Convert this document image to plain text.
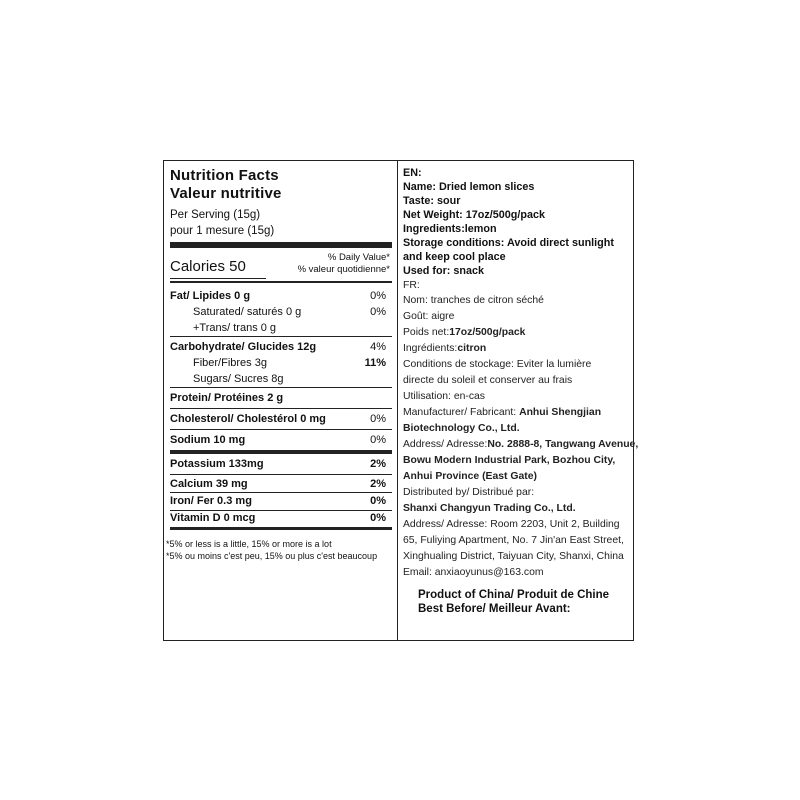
Nutrition Facts
Valeur nutritive
Per Serving (15g)
pour 1 mesure (15g)
Calories 50
% Daily Value*
% valeur quotidienne*
Fat/ Lipides 0 g	0%
Saturated/ saturés 0 g	0%
+Trans/ trans 0 g
Carbohydrate/ Glucides 12g	4%
Fiber/Fibres 3g	11%
Sugars/ Sucres 8g
Protein/ Protéines 2 g
Cholesterol/ Cholestérol 0 mg	0%
Sodium 10 mg	0%
Potassium 133mg	2%
Calcium 39 mg	2%
Iron/ Fer 0.3 mg	0%
Vitamin D 0 mcg	0%
*5% or less is a little, 15% or more is a lot
*5% ou moins c'est peu, 15% ou plus c'est beaucoup
EN:
Name: Dried lemon slices
Taste: sour
Net Weight: 17oz/500g/pack
Ingredients:lemon
Storage conditions: Avoid direct sunlight
and keep cool place
Used for: snack
FR:
Nom: tranches de citron séché
Goût: aigre
Poids net:17oz/500g/pack
Ingrédients:citron
Conditions de stockage: Eviter la lumière
directe du soleil et conserver au frais
Utilisation: en-cas
Manufacturer/ Fabricant: Anhui Shengjian
Biotechnology Co., Ltd.
Address/ Adresse:No. 2888-8, Tangwang Avenue,
Bowu Modern Industrial Park, Bozhou City,
Anhui Province (East Gate)
Distributed by/ Distribué par:
Shanxi Changyun Trading Co., Ltd.
Address/ Adresse: Room 2203, Unit 2, Building
65, Fuliying Apartment, No. 7 Jin'an East Street,
Xinghualing District, Taiyuan City, Shanxi, China
Email: anxiaoyunus@163.com
Product of China/ Produit de Chine
Best Before/ Meilleur Avant:
